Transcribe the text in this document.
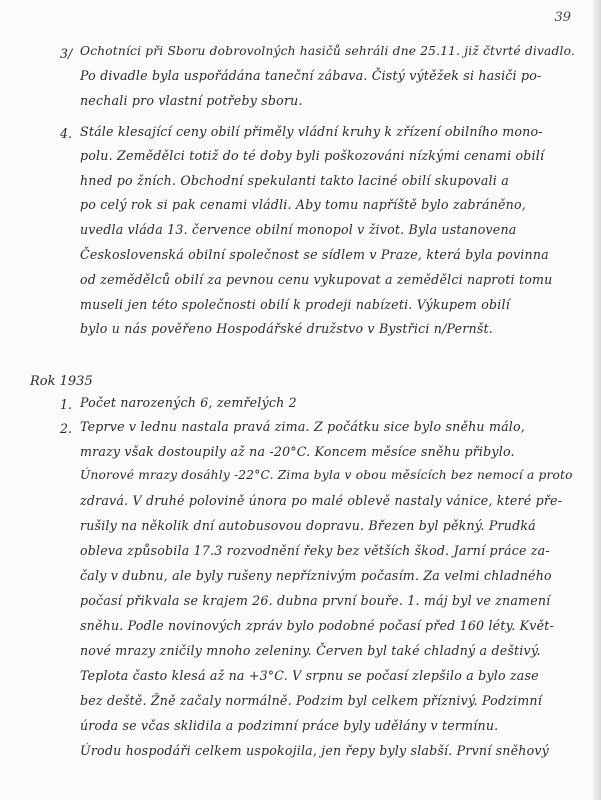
39
3/ Ochotníci při Sboru dobrovolných hasičů sehráli dne 25.11. již čtvrté divadlo.
Po divadle byla uspořádána taneční zábava. Čistý výtěžek si hasiči po-
nechali pro vlastní potřeby sboru.
4. Stále klesající ceny obilí přiměly vládní kruhy k zřízení obilního mono-
polu. Zemědělci totiž do té doby byli poškozováni nízkými cenami obilí
hned po žních. Obchodní spekulanti takto laciné obilí skupovali a
po celý rok si pak cenami vládli. Aby tomu napříště bylo zabráněno,
uvedla vláda 13. července obilní monopol v život. Byla ustanovena
Československá obilní společnost se sídlem v Praze, která byla povinna
od zemědělců obilí za pevnou cenu vykupovat a zemědělci naproti tomu
museli jen této společnosti obilí k prodeji nabízeti. Výkupem obilí
bylo u nás pověřeno Hospodářské družstvo v Bystřici n/Pernšt.
Rok 1935
1. Počet narozených 6, zemřelých 2
2. Teprve v lednu nastala pravá zima. Z počátku sice bylo sněhu málo,
mrazy však dostoupily až na -20°C. Koncem měsíce sněhu přibylo.
Únorové mrazy dosáhly -22°C. Zima byla v obou měsících bez nemocí a proto
zdravá. V druhé polovině února po malé oblevě nastaly vánice, které pře-
rušily na několik dní autobusovou dopravu. Březen byl pěkný. Prudká
obleva způsobila 17.3 rozvodnění řeky bez větších škod. Jarní práce za-
čaly v dubnu, ale byly rušeny nepříznivým počasím. Za velmi chladného
počasí přikvala se krajem 26. dubna první bouře. 1. máj byl ve znamení
sněhu. Podle novinových zpráv bylo podobné počasí před 160 léty. Květ-
nové mrazy zničily mnoho zeleniny. Červen byl také chladný a deštivý.
Teplota často klesá až na +3°C. V srpnu se počasí zlepšilo a bylo zase
bez deště. Žně začaly normálně. Podzim byl celkem příznivý. Podzimní
úroda se včas sklidila a podzimní práce byly udělány v termínu.
Úrodu hospodáři celkem uspokojila, jen řepy byly slabší. První sněhový
